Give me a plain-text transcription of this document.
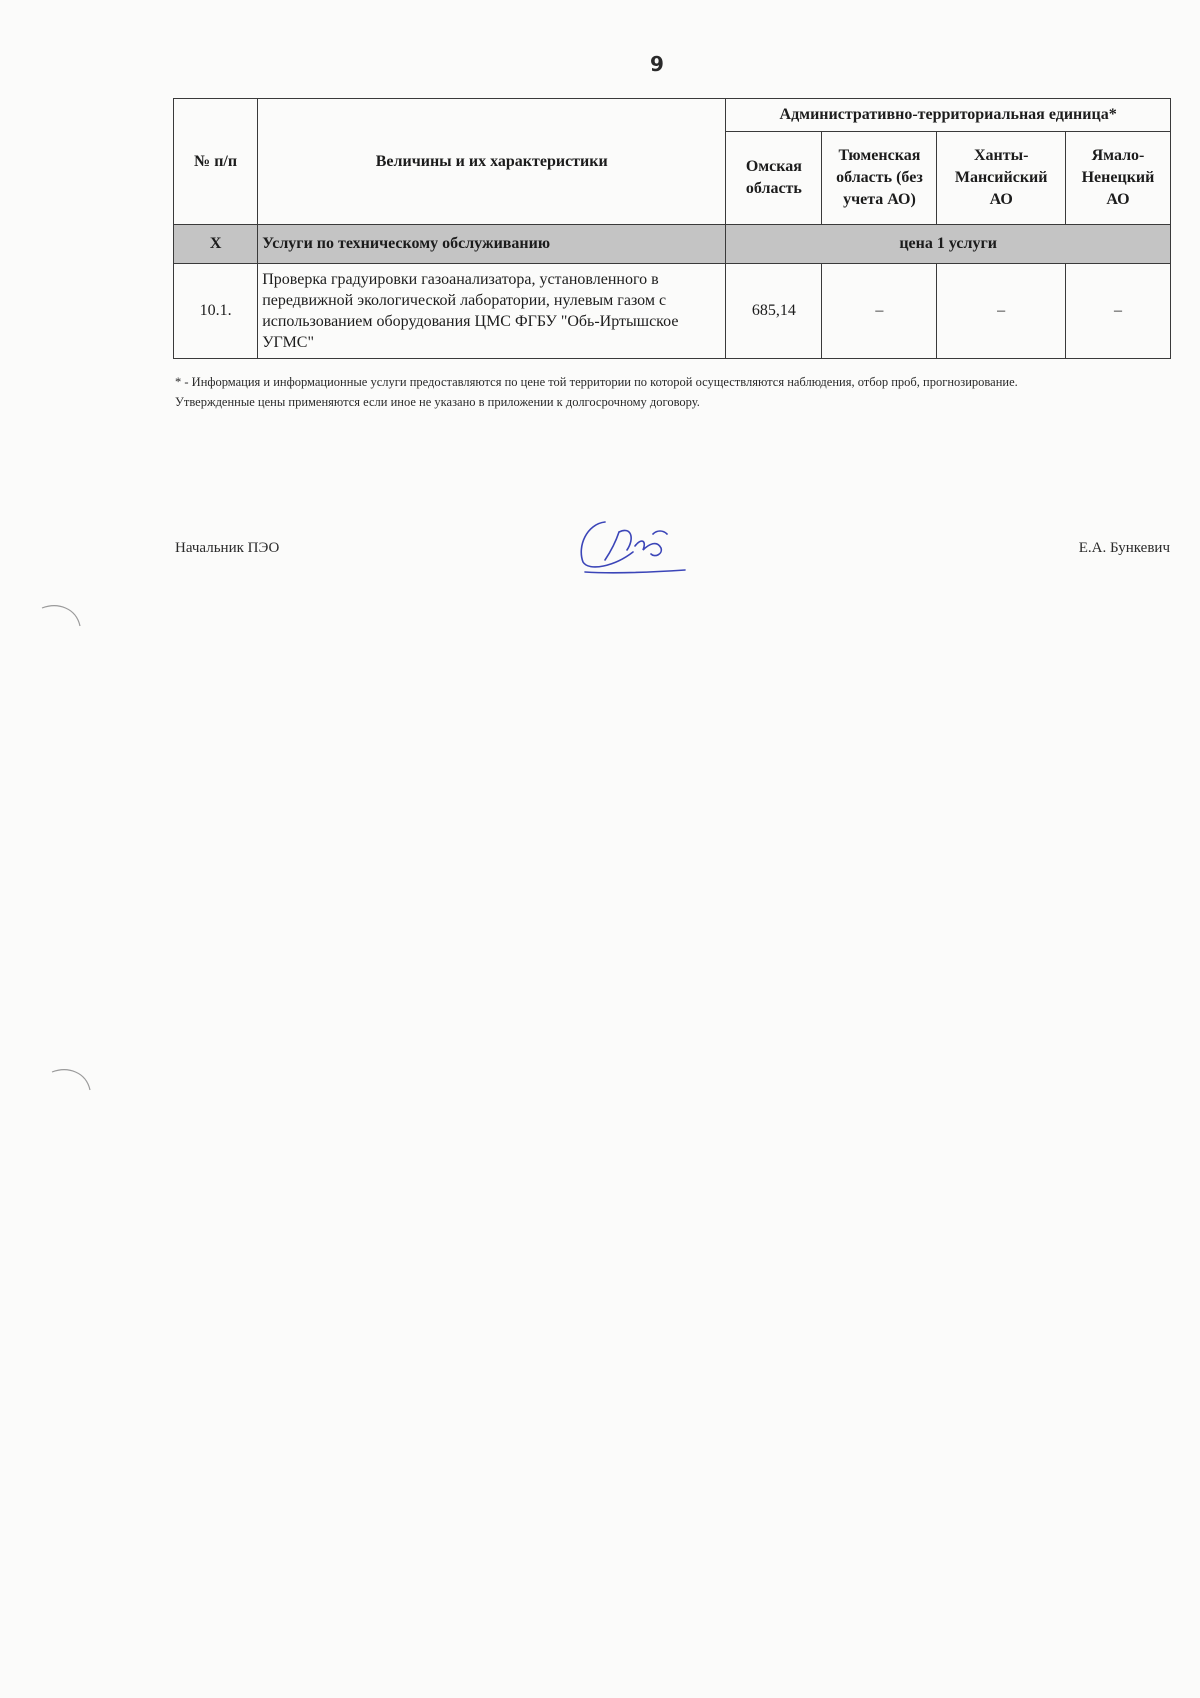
9
№ п/п	Величины и их характеристики	Административно-территориальная единица*			
		Омская область	Тюменская область (без учета АО)	Ханты-Мансийский АО	Ямало-Ненецкий АО
X	Услуги по техническому обслуживанию	цена 1 услуги			
10.1.	Проверка градуировки газоанализатора, установленного в передвижной экологической лаборатории, нулевым газом с использованием оборудования ЦМС ФГБУ "Обь-Иртышское УГМС"	685,14	–	–	–

* - Информация и информационные услуги предоставляются по цене той территории по которой осуществляются наблюдения, отбор проб, прогнозирование.

Утвержденные цены применяются если иное не указано в приложении к долгосрочному договору.

Начальник ПЭО	Е.А. Бункевич
